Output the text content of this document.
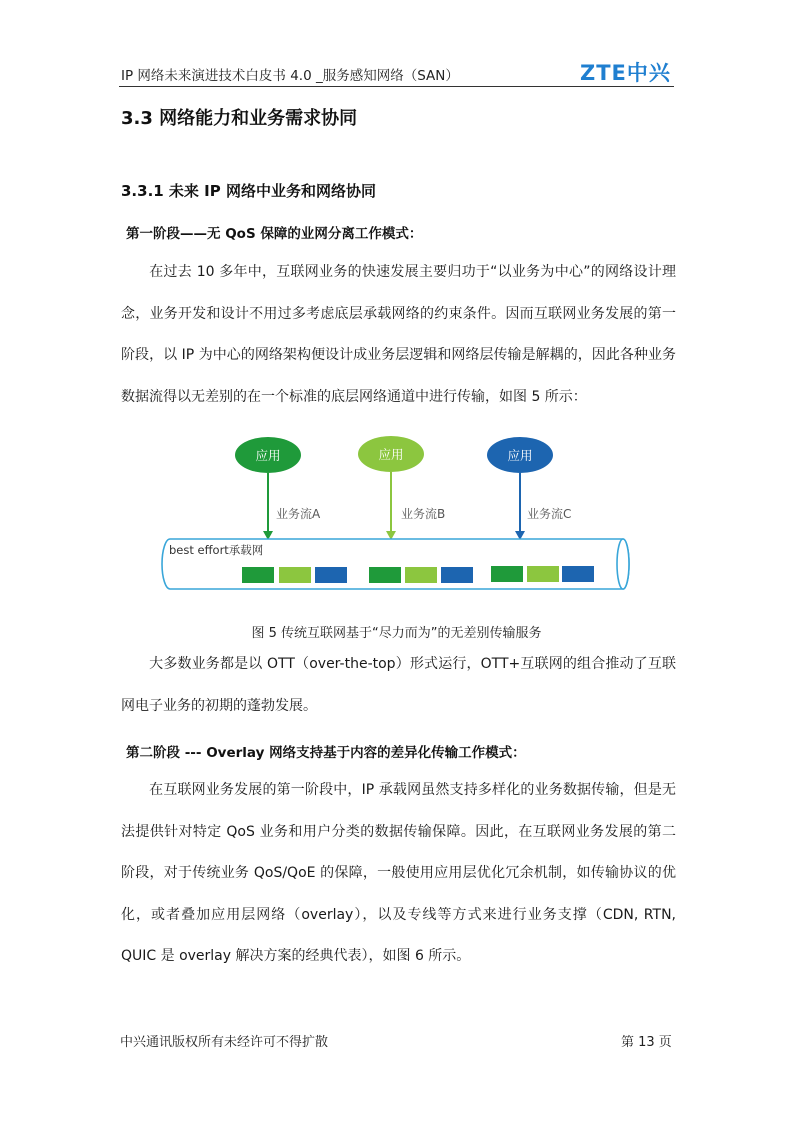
IP 网络未来演进技术白皮书 4.0 _服务感知网络（SAN）	ZTE中兴
3.3 网络能力和业务需求协同
3.3.1 未来 IP 网络中业务和网络协同

第一阶段——无 QoS 保障的业网分离工作模式：

在过去 10 多年中，互联网业务的快速发展主要归功于“以业务为中心”的网络设计理念，业务开发和设计不用过多考虑底层承载网络的约束条件。因而互联网业务发展的第一阶段，以 IP 为中心的网络架构便设计成业务层逻辑和网络层传输是解耦的，因此各种业务数据流得以无差别的在一个标准的底层网络通道中进行传输，如图 5 所示：

应用	应用	应用
业务流A	业务流B	业务流C
best effort承载网
图 5 传统互联网基于“尽力而为”的无差别传输服务

大多数业务都是以 OTT（over-the-top）形式运行，OTT+互联网的组合推动了互联网电子业务的初期的蓬勃发展。

第二阶段 --- Overlay 网络支持基于内容的差异化传输工作模式：

在互联网业务发展的第一阶段中，IP 承载网虽然支持多样化的业务数据传输，但是无法提供针对特定 QoS 业务和用户分类的数据传输保障。因此，在互联网业务发展的第二阶段，对于传统业务 QoS/QoE 的保障，一般使用应用层优化冗余机制，如传输协议的优化，或者叠加应用层网络（overlay），以及专线等方式来进行业务支撑（CDN, RTN, QUIC 是 overlay 解决方案的经典代表），如图 6 所示。

中兴通讯版权所有未经许可不得扩散	第 13 页
